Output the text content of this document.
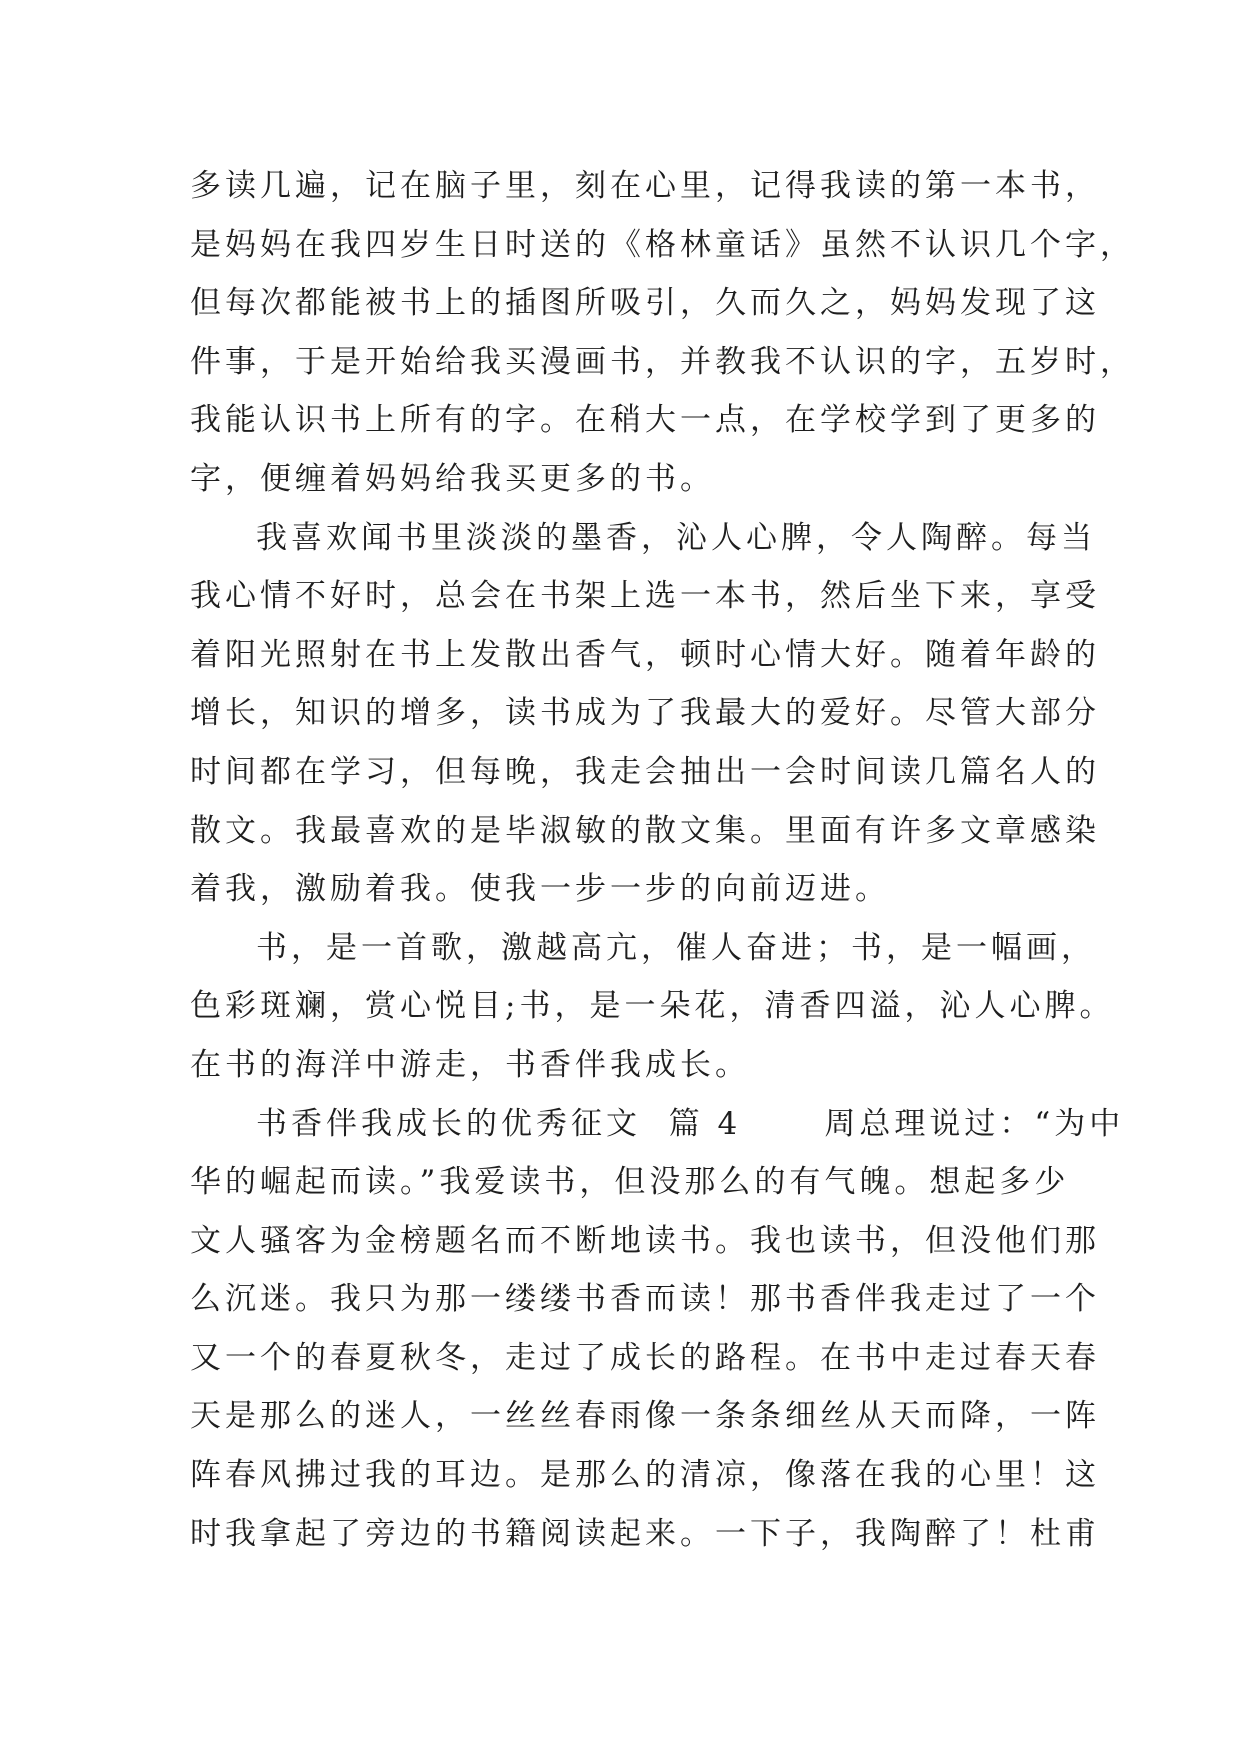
多读几遍，记在脑子里，刻在心里，记得我读的第一本书，
是妈妈在我四岁生日时送的《格林童话》虽然不认识几个字，
但每次都能被书上的插图所吸引，久而久之，妈妈发现了这
件事，于是开始给我买漫画书，并教我不认识的字，五岁时，
我能认识书上所有的字。在稍大一点，在学校学到了更多的
字，便缠着妈妈给我买更多的书。
我喜欢闻书里淡淡的墨香，沁人心脾，令人陶醉。每当
我心情不好时，总会在书架上选一本书，然后坐下来，享受
着阳光照射在书上发散出香气，顿时心情大好。随着年龄的
增长，知识的增多，读书成为了我最大的爱好。尽管大部分
时间都在学习，但每晚，我走会抽出一会时间读几篇名人的
散文。我最喜欢的是毕淑敏的散文集。里面有许多文章感染
着我，激励着我。使我一步一步的向前迈进。
书，是一首歌，激越高亢，催人奋进；书，是一幅画，
色彩斑斓，赏心悦目;书，是一朵花，清香四溢，沁人心脾。
在书的海洋中游走，书香伴我成长。
书香伴我成长的优秀征文  篇 4      周总理说过：“为中
华的崛起而读。”我爱读书，但没那么的有气魄。想起多少
文人骚客为金榜题名而不断地读书。我也读书，但没他们那
么沉迷。我只为那一缕缕书香而读！那书香伴我走过了一个
又一个的春夏秋冬，走过了成长的路程。在书中走过春天春
天是那么的迷人，一丝丝春雨像一条条细丝从天而降，一阵
阵春风拂过我的耳边。是那么的清凉，像落在我的心里！这
时我拿起了旁边的书籍阅读起来。一下子，我陶醉了！杜甫
